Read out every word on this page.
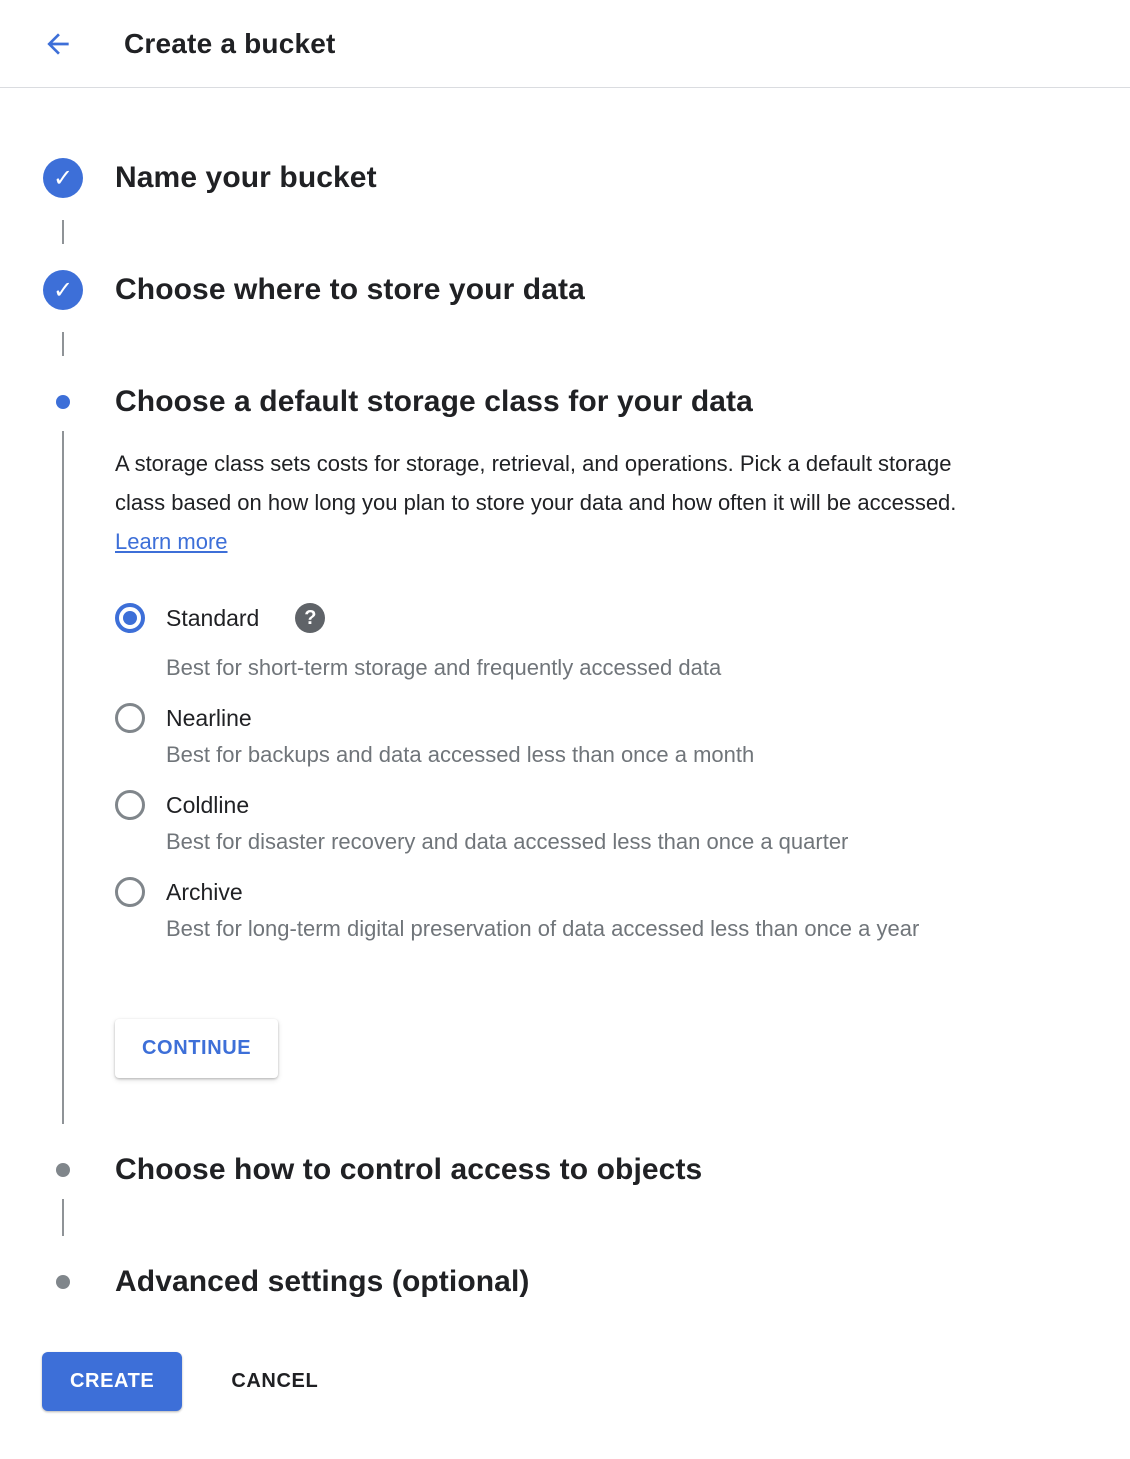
Create a bucket
✓	Name your bucket
✓	Choose where to store your data
Choose a default storage class for your data

A storage class sets costs for storage, retrieval, and operations. Pick a default storage class based on how long you plan to store your data and how often it will be accessed. Learn more

Standard	?
Best for short-term storage and frequently accessed data
Nearline
Best for backups and data accessed less than once a month
Coldline
Best for disaster recovery and data accessed less than once a quarter
Archive
Best for long-term digital preservation of data accessed less than once a year
CONTINUE
Choose how to control access to objects
Advanced settings (optional)
CREATE	CANCEL
